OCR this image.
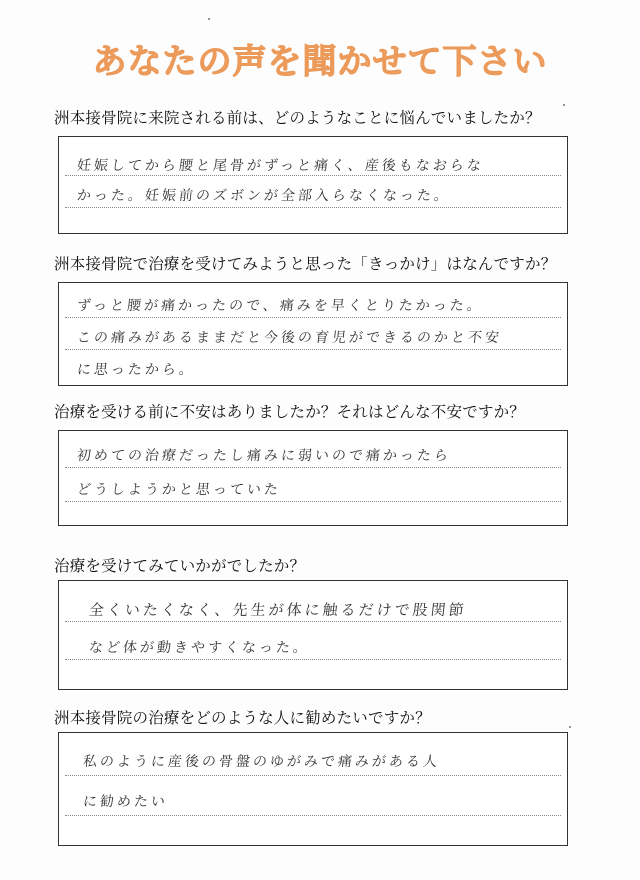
あなたの声を聞かせて下さい
洲本接骨院に来院される前は、どのようなことに悩んでいましたか？
妊娠してから腰と尾骨がずっと痛く、産後もなおらな
かった。妊娠前のズボンが全部入らなくなった。
洲本接骨院で治療を受けてみようと思った「きっかけ」はなんですか？
ずっと腰が痛かったので、痛みを早くとりたかった。
この痛みがあるままだと今後の育児ができるのかと不安
に思ったから。
治療を受ける前に不安はありましたか？それはどんな不安ですか？
初めての治療だったし痛みに弱いので痛かったら
どうしようかと思っていた
治療を受けてみていかがでしたか？
全くいたくなく、先生が体に触るだけで股関節
など体が動きやすくなった。
洲本接骨院の治療をどのような人に勧めたいですか？
私のように産後の骨盤のゆがみで痛みがある人
に勧めたい
